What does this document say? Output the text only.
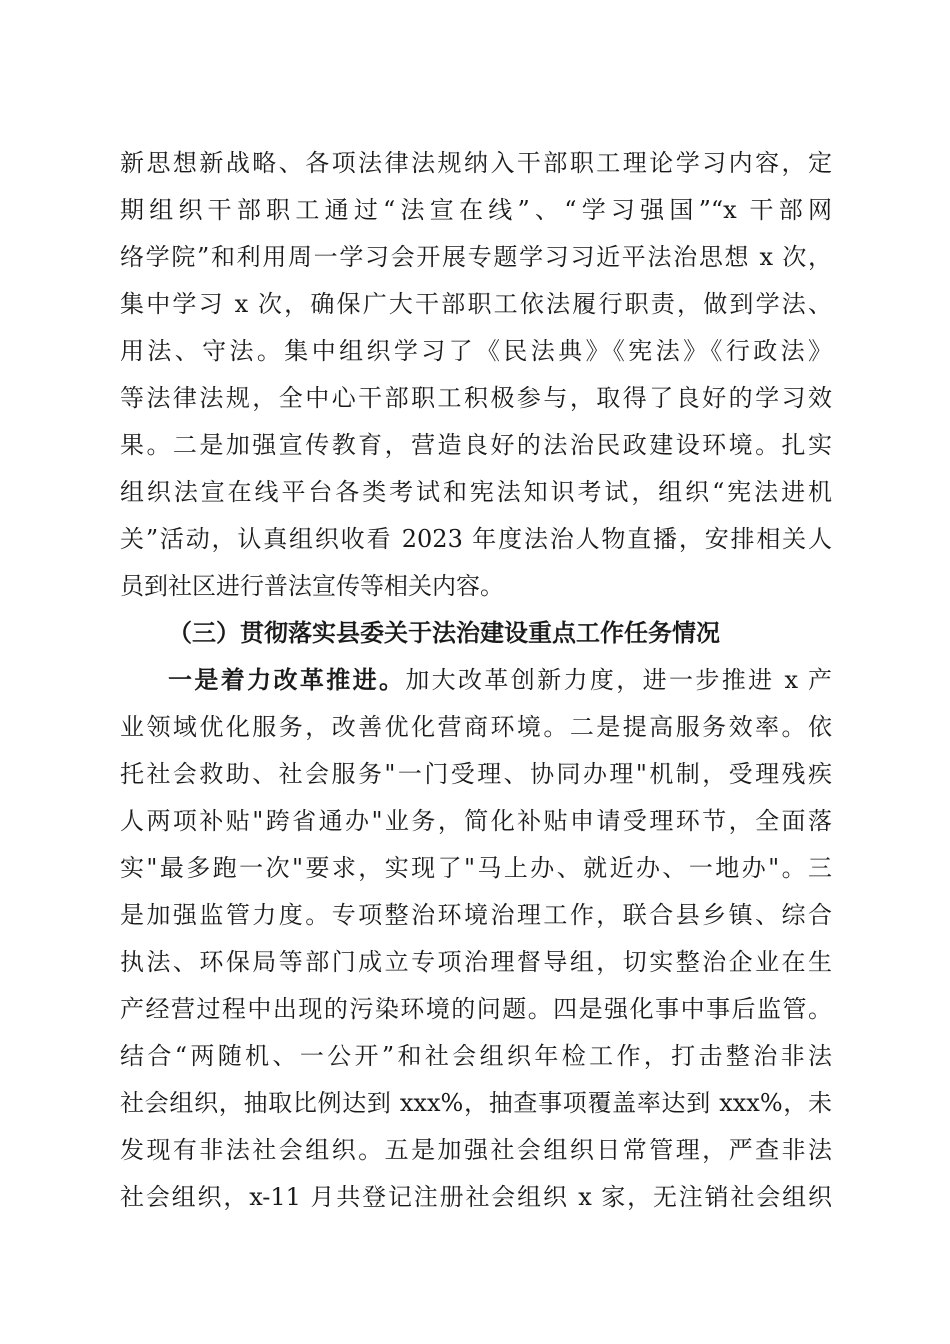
新思想新战略、各项法律法规纳入干部职工理论学习内容，定
期组织干部职工通过“法宣在线”、“学习强国”“x 干部网
络学院”和利用周一学习会开展专题学习习近平法治思想 x 次，
集中学习 x 次，确保广大干部职工依法履行职责，做到学法、
用法、守法。集中组织学习了《民法典》《宪法》《行政法》
等法律法规，全中心干部职工积极参与，取得了良好的学习效
果。二是加强宣传教育，营造良好的法治民政建设环境。扎实
组织法宣在线平台各类考试和宪法知识考试，组织“宪法进机
关”活动，认真组织收看 2023 年度法治人物直播，安排相关人
员到社区进行普法宣传等相关内容。
（三）贯彻落实县委关于法治建设重点工作任务情况
一是着力改革推进。加大改革创新力度，进一步推进 x 产
业领域优化服务，改善优化营商环境。二是提高服务效率。依
托社会救助、社会服务"一门受理、协同办理"机制，受理残疾
人两项补贴"跨省通办"业务，简化补贴申请受理环节，全面落
实"最多跑一次"要求，实现了"马上办、就近办、一地办"。三
是加强监管力度。专项整治环境治理工作，联合县乡镇、综合
执法、环保局等部门成立专项治理督导组，切实整治企业在生
产经营过程中出现的污染环境的问题。四是强化事中事后监管。
结合“两随机、一公开”和社会组织年检工作，打击整治非法
社会组织，抽取比例达到 xxx%，抽查事项覆盖率达到 xxx%，未
发现有非法社会组织。五是加强社会组织日常管理，严查非法
社会组织，x-11 月共登记注册社会组织 x 家，无注销社会组织
